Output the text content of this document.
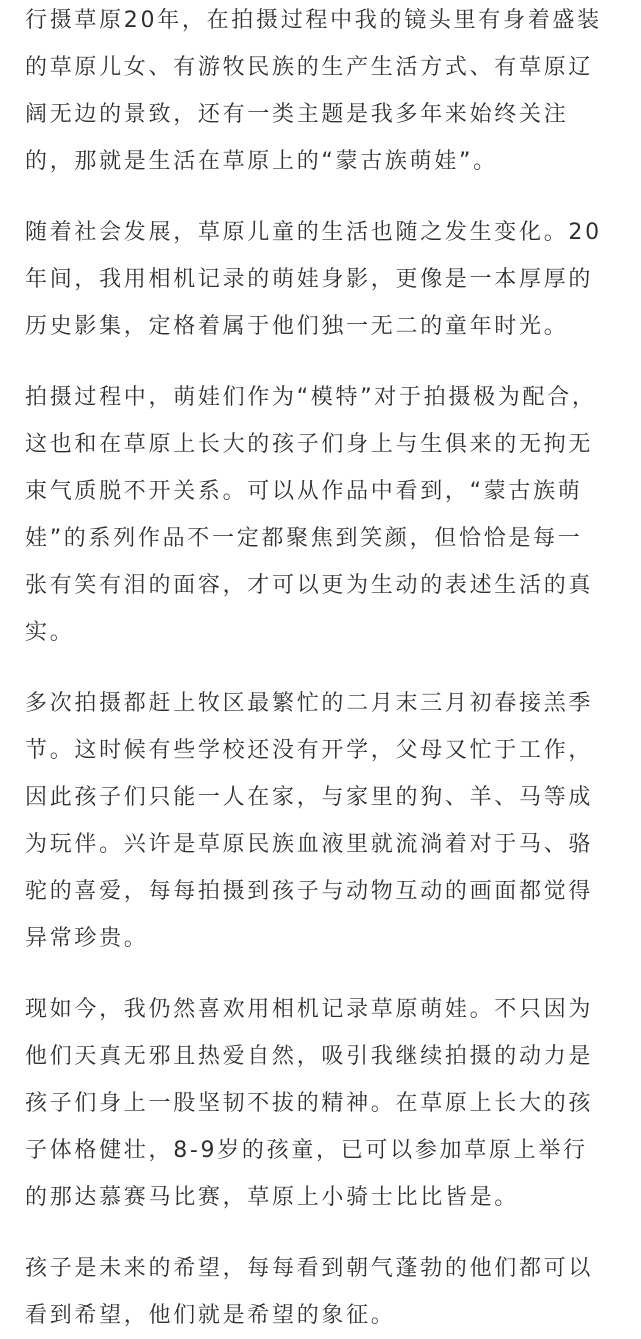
行摄草原20年，在拍摄过程中我的镜头里有身着盛装
的草原儿女、有游牧民族的生产生活方式、有草原辽
阔无边的景致，还有一类主题是我多年来始终关注
的，那就是生活在草原上的“蒙古族萌娃”。

随着社会发展，草原儿童的生活也随之发生变化。20
年间，我用相机记录的萌娃身影，更像是一本厚厚的
历史影集，定格着属于他们独一无二的童年时光。

拍摄过程中，萌娃们作为“模特”对于拍摄极为配合，
这也和在草原上长大的孩子们身上与生俱来的无拘无
束气质脱不开关系。可以从作品中看到，“蒙古族萌
娃”的系列作品不一定都聚焦到笑颜，但恰恰是每一
张有笑有泪的面容，才可以更为生动的表述生活的真
实。

多次拍摄都赶上牧区最繁忙的二月末三月初春接羔季
节。这时候有些学校还没有开学，父母又忙于工作，
因此孩子们只能一人在家，与家里的狗、羊、马等成
为玩伴。兴许是草原民族血液里就流淌着对于马、骆
驼的喜爱，每每拍摄到孩子与动物互动的画面都觉得
异常珍贵。

现如今，我仍然喜欢用相机记录草原萌娃。不只因为
他们天真无邪且热爱自然，吸引我继续拍摄的动力是
孩子们身上一股坚韧不拔的精神。在草原上长大的孩
子体格健壮，8-9岁的孩童，已可以参加草原上举行
的那达慕赛马比赛，草原上小骑士比比皆是。

孩子是未来的希望，每每看到朝气蓬勃的他们都可以
看到希望，他们就是希望的象征。
